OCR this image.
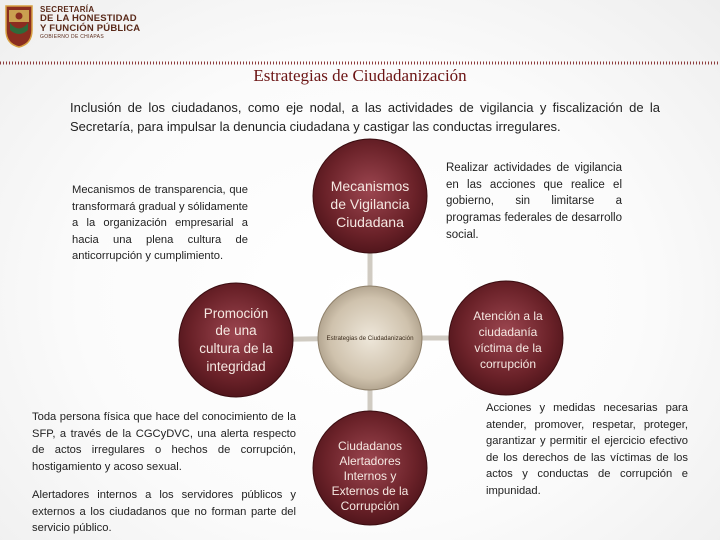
SECRETARÍA
DE LA HONESTIDAD
Y FUNCIÓN PÚBLICA
GOBIERNO DE CHIAPAS
Estrategias de Ciudadanización
Inclusión de los ciudadanos, como eje nodal, a las actividades de vigilancia y fiscalización de la Secretaría, para impulsar la denuncia ciudadana y castigar las conductas irregulares.
Estrategias de Ciudadanización
Mecanismos
de Vigilancia
Ciudadana
Promoción
de una
cultura de la
integridad
Atención a la
ciudadanía
víctima de la
corrupción
Ciudadanos
Alertadores
Internos y
Externos de la
Corrupción
Mecanismos de transparencia, que transformará gradual y sólidamente a la organización empresarial a hacia una plena cultura de anticorrupción y cumplimiento.
Realizar actividades de vigilancia en las acciones que realice el gobierno, sin limitarse a programas federales de desarrollo social.
Toda persona física que hace del conocimiento de la SFP, a través de la CGCyDVC, una alerta respecto de actos irregulares o hechos de corrupción, hostigamiento y acoso sexual.
Alertadores internos a los servidores públicos y externos a los ciudadanos que no forman parte del servicio público.
Acciones y medidas necesarias para atender, promover, respetar, proteger, garantizar y permitir el ejercicio efectivo de los derechos de las víctimas de los actos y conductas de corrupción e impunidad.
